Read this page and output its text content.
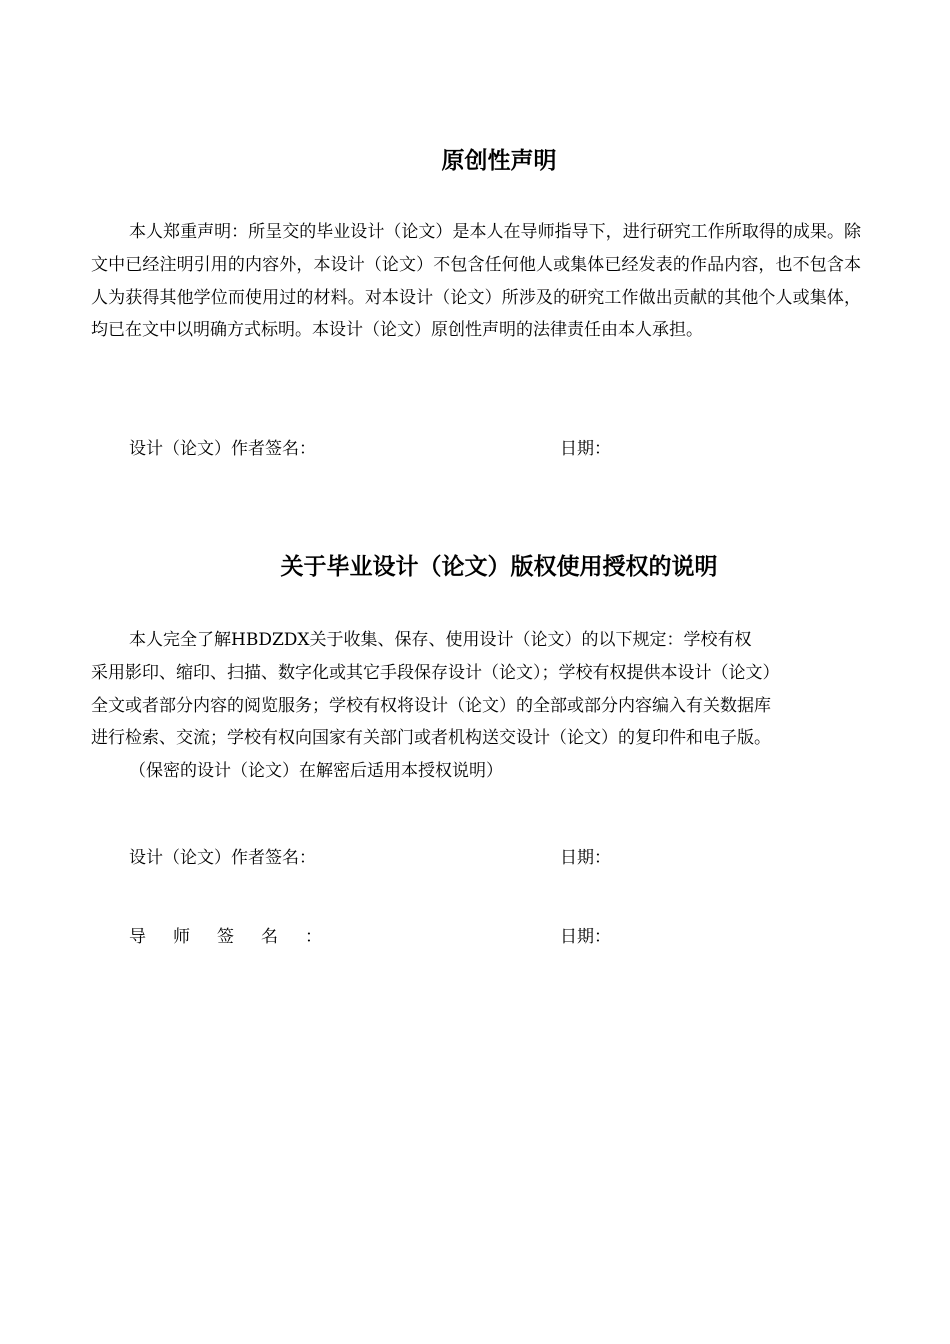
原创性声明

本人郑重声明：所呈交的毕业设计（论文）是本人在导师指导下，进行研究工作所取得的成果。除文中已经注明引用的内容外，本设计（论文）不包含任何他人或集体已经发表的作品内容，也不包含本人为获得其他学位而使用过的材料。对本设计（论文）所涉及的研究工作做出贡献的其他个人或集体，均已在文中以明确方式标明。本设计（论文）原创性声明的法律责任由本人承担。

设计（论文）作者签名：	日期：
关于毕业设计（论文）版权使用授权的说明

本人完全了解HBDZDX关于收集、保存、使用设计（论文）的以下规定：学校有权

采用影印、缩印、扫描、数字化或其它手段保存设计（论文）；学校有权提供本设计（论文）

全文或者部分内容的阅览服务；学校有权将设计（论文）的全部或部分内容编入有关数据库

进行检索、交流；学校有权向国家有关部门或者机构送交设计（论文）的复印件和电子版。

（保密的设计（论文）在解密后适用本授权说明）

设计（论文）作者签名：	日期：
导师签名：	日期：
